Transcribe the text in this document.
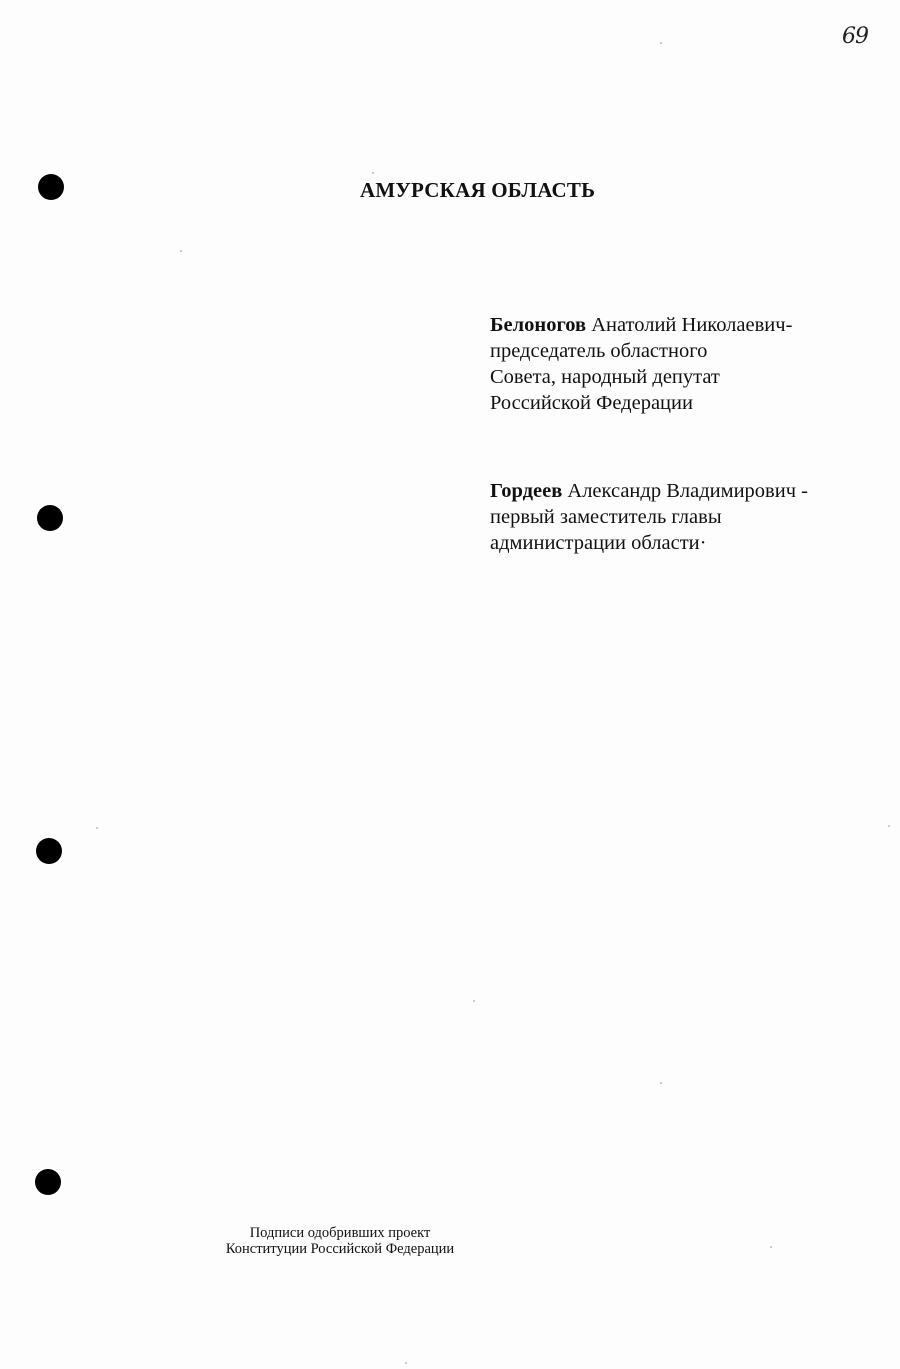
69
АМУРСКАЯ ОБЛАСТЬ
Белоногов Анатолий Николаевич-
председатель областного
Совета, народный депутат
Российской Федерации
Гордеев Александр Владимирович -
первый заместитель главы
администрации области·
Подписи одобривших проект
Конституции Российской Федерации
